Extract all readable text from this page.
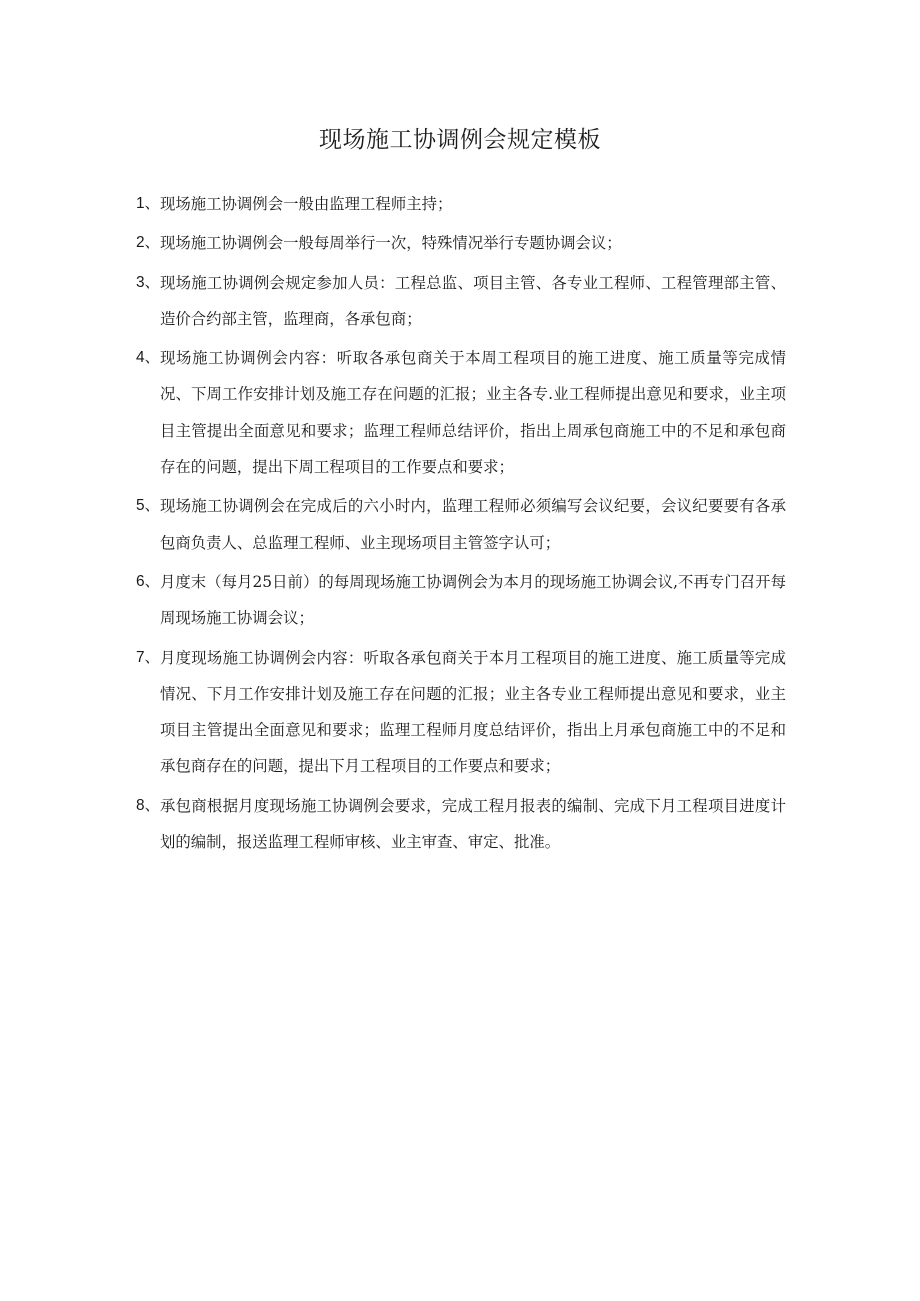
现场施工协调例会规定模板
1、 现场施工协调例会一般由监理工程师主持；
2、 现场施工协调例会一般每周举行一次，特殊情况举行专题协调会议；
3、 现场施工协调例会规定参加人员：工程总监、项目主管、各专业工程师、工程管理部主管、造价合约部主管，监理商，各承包商；
4、 现场施工协调例会内容：听取各承包商关于本周工程项目的施工进度、施工质量等完成情况、下周工作安排计划及施工存在问题的汇报；业主各专.业工程师提出意见和要求，业主项目主管提出全面意见和要求；监理工程师总结评价，指出上周承包商施工中的不足和承包商存在的问题，提出下周工程项目的工作要点和要求；
5、 现场施工协调例会在完成后的六小时内，监理工程师必须编写会议纪要，会议纪要要有各承包商负责人、总监理工程师、业主现场项目主管签字认可；
6、 月度末（每月25日前）的每周现场施工协调例会为本月的现场施工协调会议,不再专门召开每周现场施工协调会议；
7、 月度现场施工协调例会内容：听取各承包商关于本月工程项目的施工进度、施工质量等完成情况、下月工作安排计划及施工存在问题的汇报；业主各专业工程师提出意见和要求，业主项目主管提出全面意见和要求；监理工程师月度总结评价，指出上月承包商施工中的不足和承包商存在的问题，提出下月工程项目的工作要点和要求；
8、 承包商根据月度现场施工协调例会要求，完成工程月报表的编制、完成下月工程项目进度计划的编制，报送监理工程师审核、业主审查、审定、批准。
